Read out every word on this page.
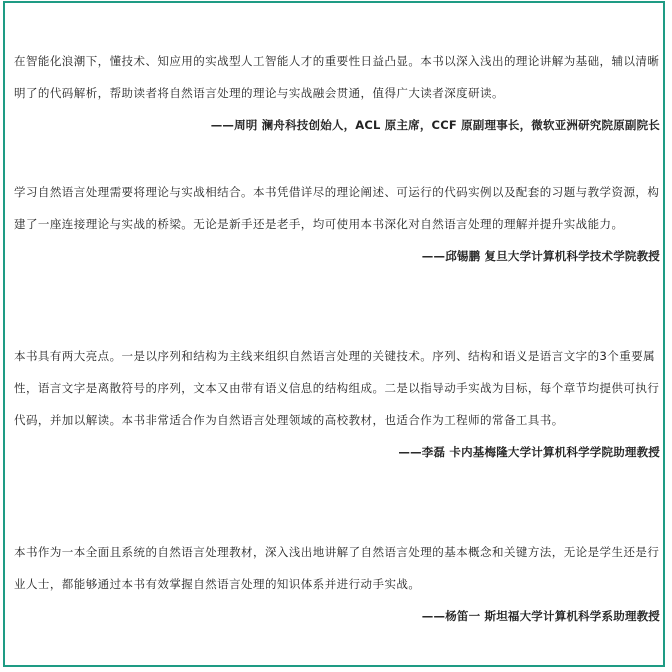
在智能化浪潮下，懂技术、知应用的实战型人工智能人才的重要性日益凸显。本书以深入浅出的理论讲解为基础，辅以清晰明了的代码解析，帮助读者将自然语言处理的理论与实战融会贯通，值得广大读者深度研读。

——周明 澜舟科技创始人，ACL 原主席，CCF 原副理事长，微软亚洲研究院原副院长

学习自然语言处理需要将理论与实战相结合。本书凭借详尽的理论阐述、可运行的代码实例以及配套的习题与教学资源，构建了一座连接理论与实战的桥梁。无论是新手还是老手，均可使用本书深化对自然语言处理的理解并提升实战能力。

——邱锡鹏 复旦大学计算机科学技术学院教授

本书具有两大亮点。一是以序列和结构为主线来组织自然语言处理的关键技术。序列、结构和语义是语言文字的3个重要属性，语言文字是离散符号的序列，文本又由带有语义信息的结构组成。二是以指导动手实战为目标，每个章节均提供可执行代码，并加以解读。本书非常适合作为自然语言处理领域的高校教材，也适合作为工程师的常备工具书。

——李磊 卡内基梅隆大学计算机科学学院助理教授

本书作为一本全面且系统的自然语言处理教材，深入浅出地讲解了自然语言处理的基本概念和关键方法，无论是学生还是行业人士，都能够通过本书有效掌握自然语言处理的知识体系并进行动手实战。

——杨笛一 斯坦福大学计算机科学系助理教授
